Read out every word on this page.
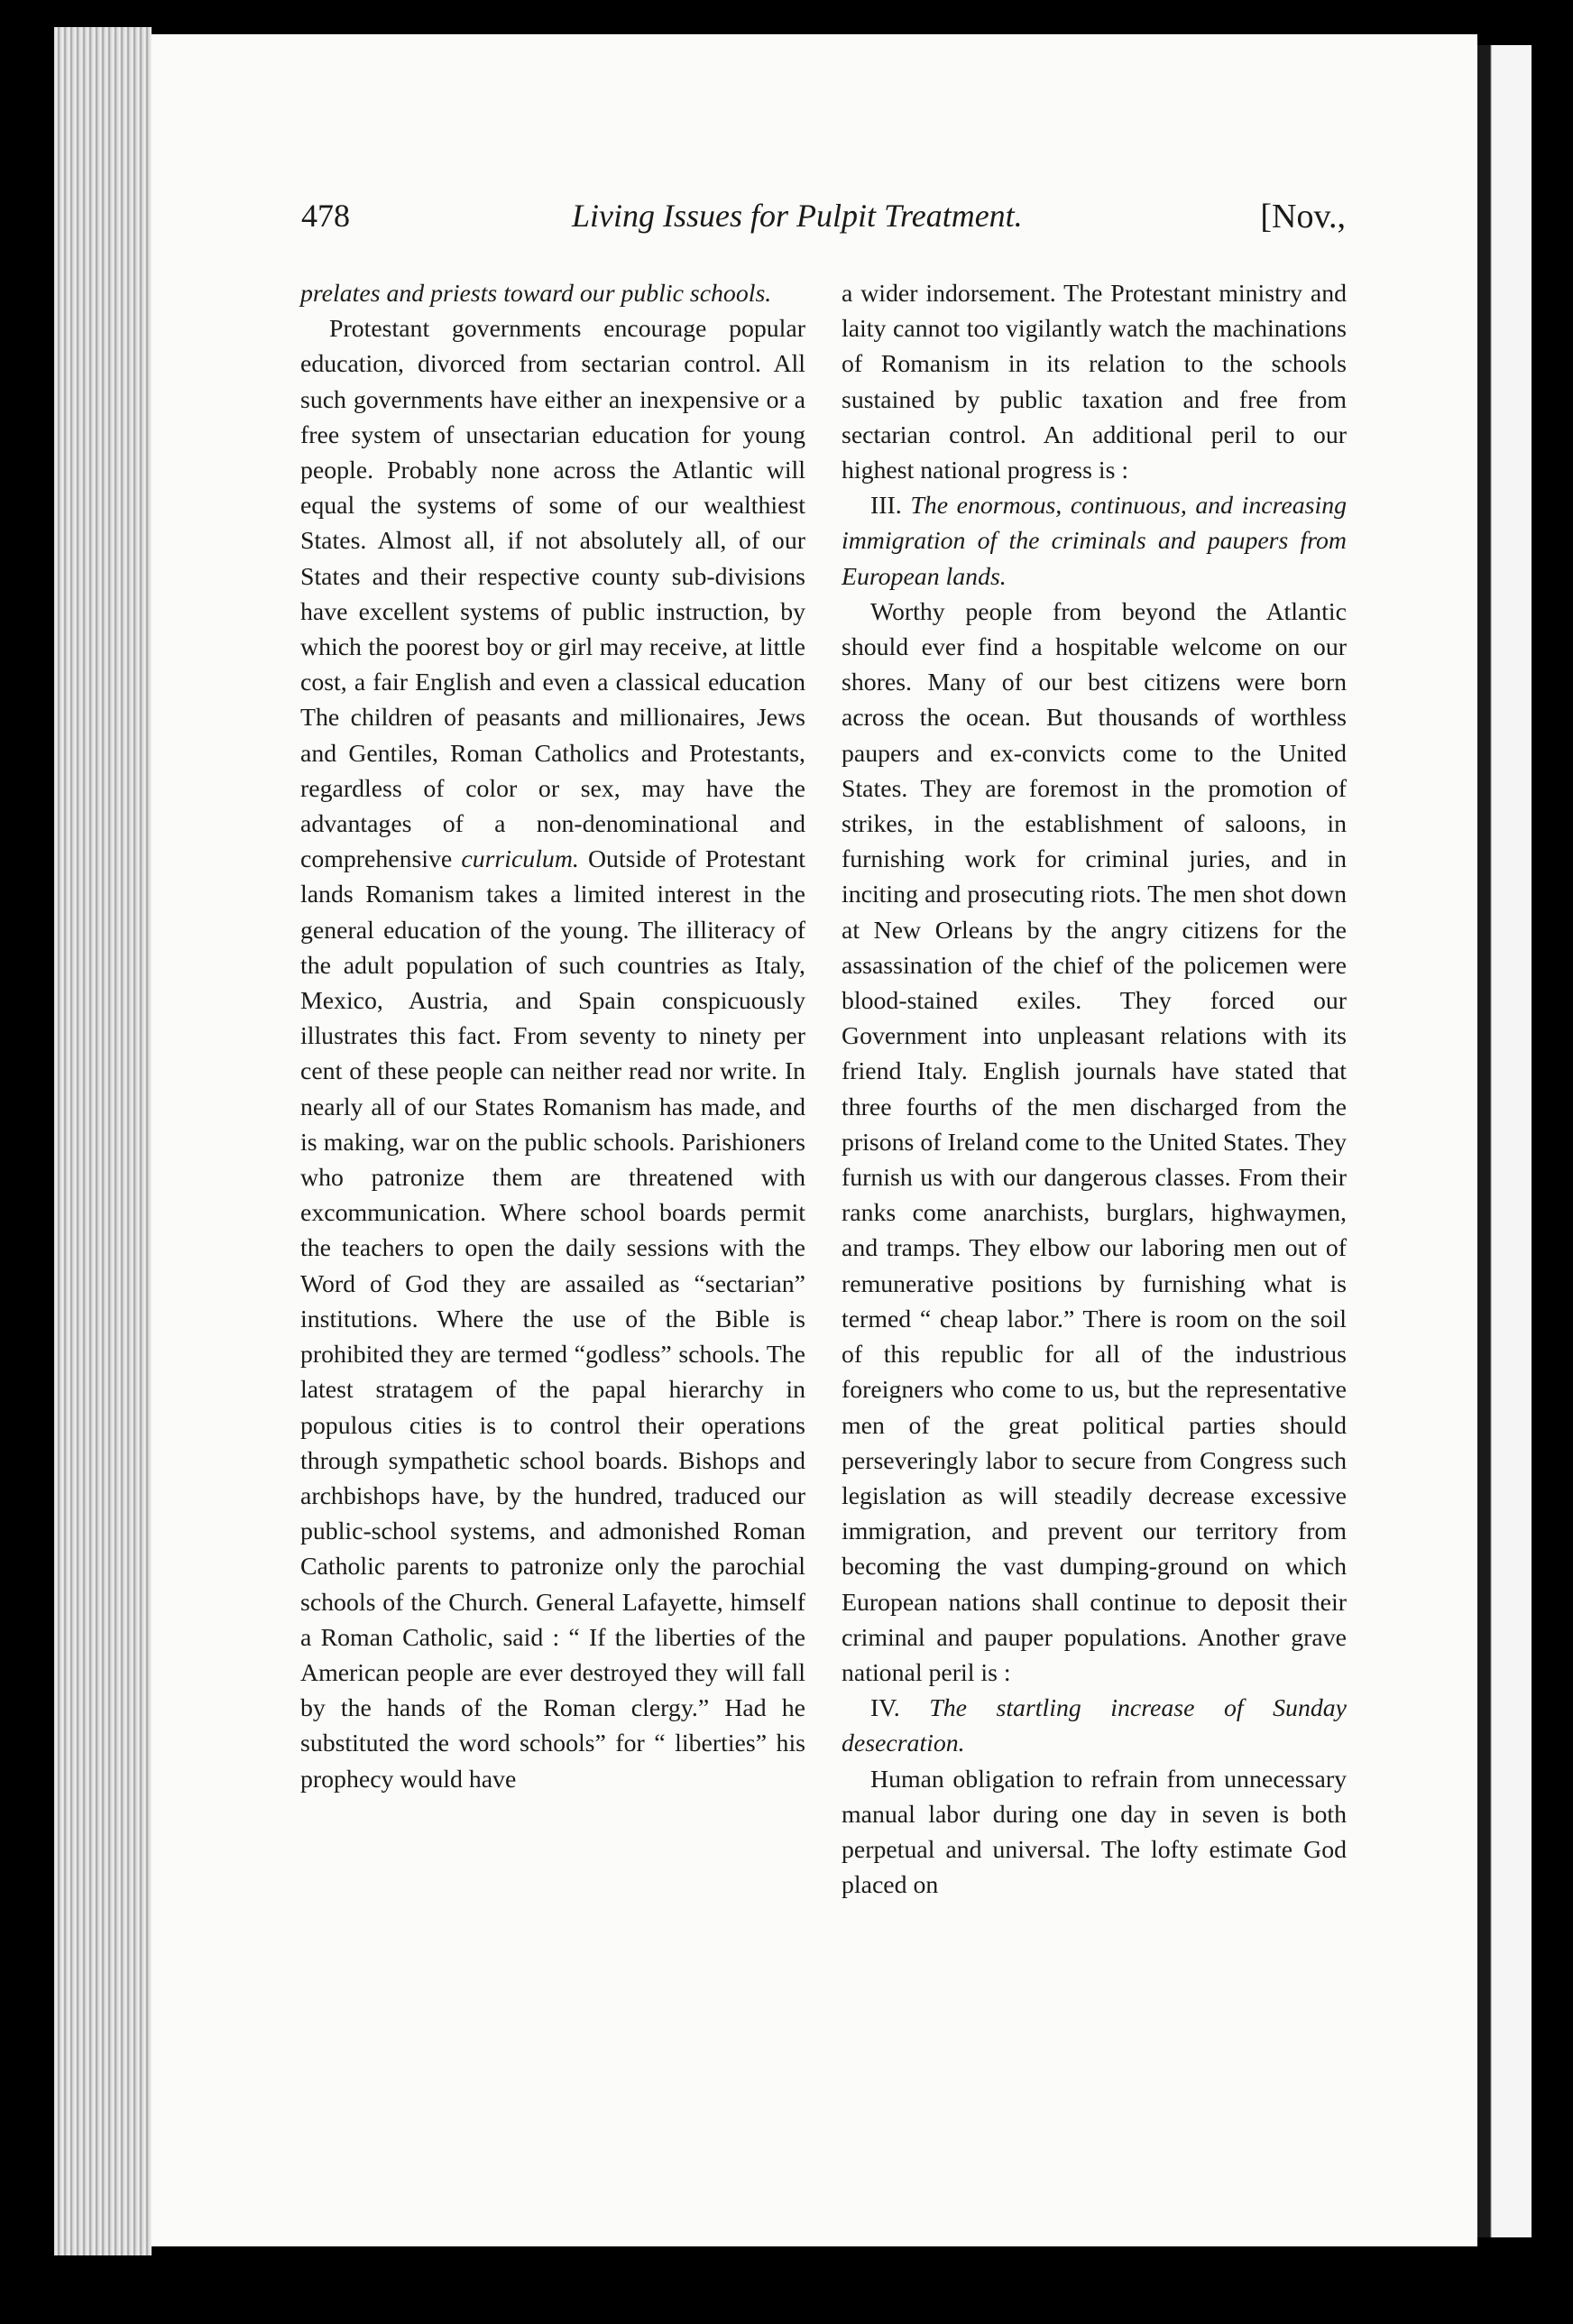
478	Living Issues for Pulpit Treatment.	[Nov.,

prelates and priests toward our public schools.

Protestant governments encourage popular education, divorced from sectarian control. All such governments have either an inexpensive or a free system of unsectarian education for young people. Probably none across the Atlantic will equal the systems of some of our wealthiest States. Almost all, if not absolutely all, of our States and their respective county sub-divisions have excellent systems of public instruction, by which the poorest boy or girl may receive, at little cost, a fair English and even a classical education The children of peasants and millionaires, Jews and Gentiles, Roman Catholics and Protestants, regardless of color or sex, may have the advantages of a non-denominational and comprehensive curriculum. Outside of Protestant lands Romanism takes a limited interest in the general education of the young. The illiteracy of the adult population of such countries as Italy, Mexico, Austria, and Spain conspicuously illustrates this fact. From seventy to ninety per cent of these people can neither read nor write. In nearly all of our States Romanism has made, and is making, war on the public schools. Parishioners who patronize them are threatened with excommunication. Where school boards permit the teachers to open the daily sessions with the Word of God they are assailed as “sectarian” institutions. Where the use of the Bible is prohibited they are termed “godless” schools. The latest stratagem of the papal hierarchy in populous cities is to control their operations through sympathetic school boards. Bishops and archbishops have, by the hundred, traduced our public-school systems, and admonished Roman Catholic parents to patronize only the parochial schools of the Church. General Lafayette, himself a Roman Catholic, said : “ If the liberties of the American people are ever destroyed they will fall by the hands of the Roman clergy.” Had he substituted the word schools” for “ liberties” his prophecy would have

a wider indorsement. The Protestant ministry and laity cannot too vigilantly watch the machinations of Romanism in its relation to the schools sustained by public taxation and free from sectarian control. An additional peril to our highest national progress is :

III. The enormous, continuous, and increasing immigration of the criminals and paupers from European lands.

Worthy people from beyond the Atlantic should ever find a hospitable welcome on our shores. Many of our best citizens were born across the ocean. But thousands of worthless paupers and ex-convicts come to the United States. They are foremost in the promotion of strikes, in the establishment of saloons, in furnishing work for criminal juries, and in inciting and prosecuting riots. The men shot down at New Orleans by the angry citizens for the assassination of the chief of the policemen were blood-stained exiles. They forced our Government into unpleasant relations with its friend Italy. English journals have stated that three fourths of the men discharged from the prisons of Ireland come to the United States. They furnish us with our dangerous classes. From their ranks come anarchists, burglars, highwaymen, and tramps. They elbow our laboring men out of remunerative positions by furnishing what is termed “ cheap labor.” There is room on the soil of this republic for all of the industrious foreigners who come to us, but the representative men of the great political parties should perseveringly labor to secure from Congress such legislation as will steadily decrease excessive immigration, and prevent our territory from becoming the vast dumping-ground on which European nations shall continue to deposit their criminal and pauper populations. Another grave national peril is :

IV. The startling increase of Sunday desecration.

Human obligation to refrain from unnecessary manual labor during one day in seven is both perpetual and universal. The lofty estimate God placed on
